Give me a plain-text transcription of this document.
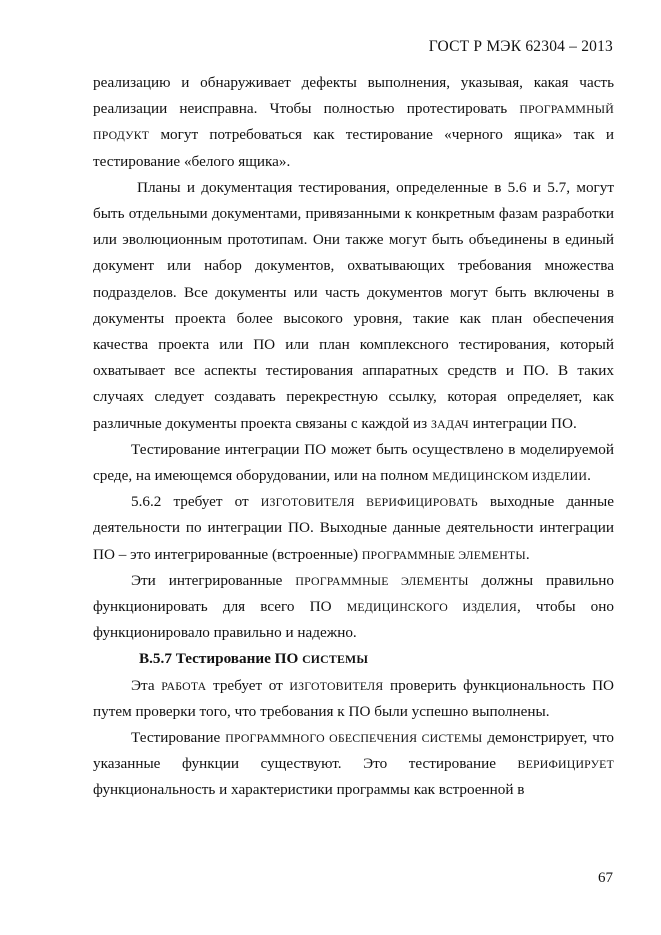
ГОСТ Р МЭК 62304 – 2013

реализацию и обнаруживает дефекты выполнения, указывая, какая часть реализации неисправна. Чтобы полностью протестировать ПРОГРАММНЫЙ ПРОДУКТ могут потребоваться как тестирование «черного ящика» так и тестирование «белого ящика».

Планы и документация тестирования, определенные в 5.6 и 5.7, могут быть отдельными документами, привязанными к конкретным фазам разработки или эволюционным прототипам. Они также могут быть объединены в единый документ или набор документов, охватывающих требования множества подразделов. Все документы или часть документов могут быть включены в документы проекта более высокого уровня, такие как план обеспечения качества проекта или ПО или план комплексного тестирования, который охватывает все аспекты тестирования аппаратных средств и ПО. В таких случаях следует создавать перекрестную ссылку, которая определяет, как различные документы проекта связаны с каждой из ЗАДАЧ интеграции ПО.

Тестирование интеграции ПО может быть осуществлено в моделируемой среде, на имеющемся оборудовании, или на полном МЕДИЦИНСКОМ ИЗДЕЛИИ.

5.6.2 требует от ИЗГОТОВИТЕЛЯ ВЕРИФИЦИРОВАТЬ выходные данные деятельности по интеграции ПО. Выходные данные деятельности интеграции ПО – это интегрированные (встроенные) ПРОГРАММНЫЕ ЭЛЕМЕНТЫ.

Эти интегрированные ПРОГРАММНЫЕ ЭЛЕМЕНТЫ должны правильно функционировать для всего ПО МЕДИЦИНСКОГО ИЗДЕЛИЯ, чтобы оно функционировало правильно и надежно.

В.5.7 Тестирование ПО СИСТЕМЫ

Эта РАБОТА требует от ИЗГОТОВИТЕЛЯ проверить функциональность ПО путем проверки того, что требования к ПО были успешно выполнены.

Тестирование ПРОГРАММНОГО ОБЕСПЕЧЕНИЯ СИСТЕМЫ демонстрирует, что указанные функции существуют. Это тестирование ВЕРИФИЦИРУЕТ функциональность и характеристики программы как встроенной в

67
